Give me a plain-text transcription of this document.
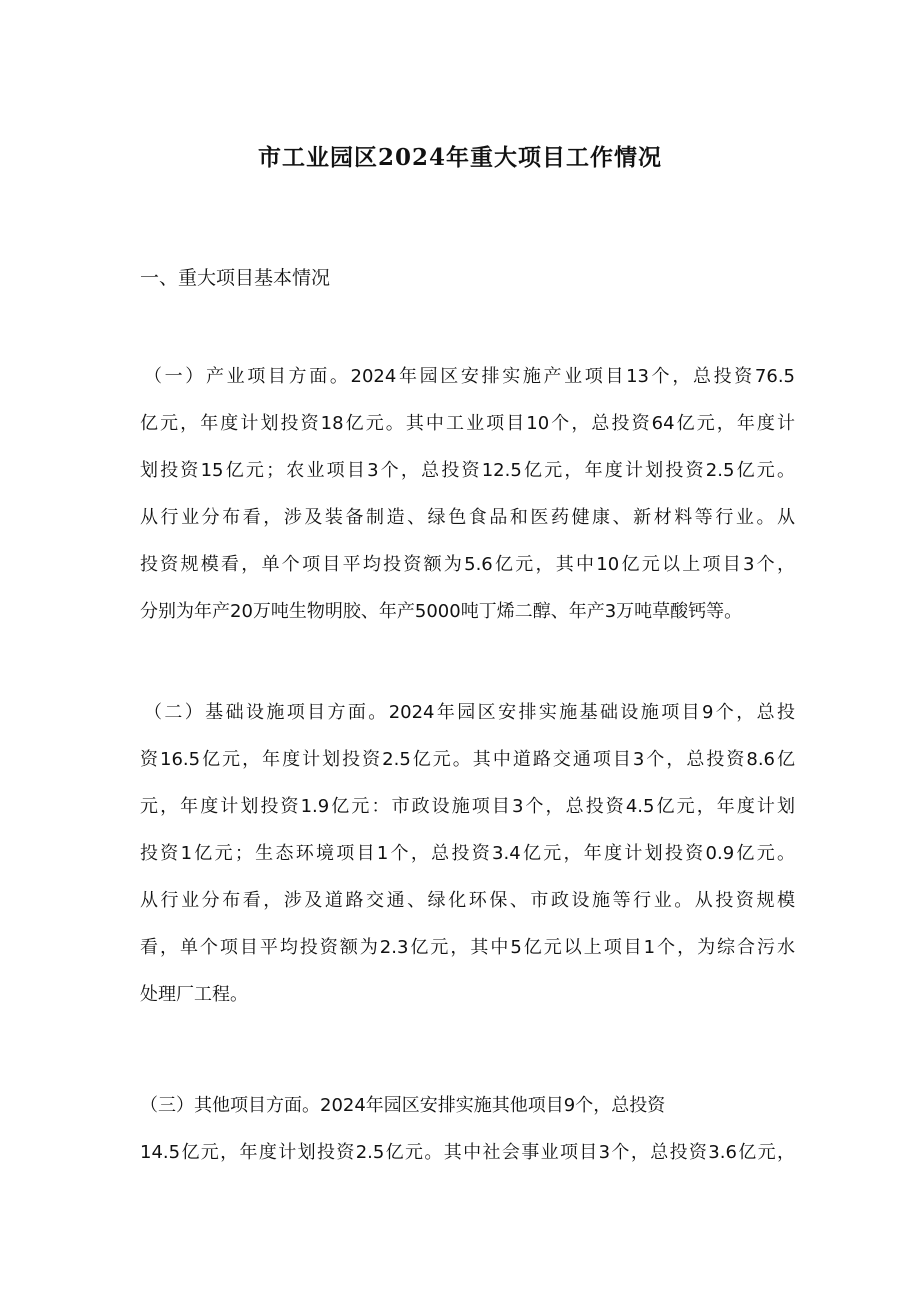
市工业园区2024年重大项目工作情况
一、重大项目基本情况
（一）产业项目方面。2024年园区安排实施产业项目13个，总投资76.5
亿元，年度计划投资18亿元。其中工业项目10个，总投资64亿元，年度计
划投资15亿元；农业项目3个，总投资12.5亿元，年度计划投资2.5亿元。
从行业分布看，涉及装备制造、绿色食品和医药健康、新材料等行业。从
投资规模看，单个项目平均投资额为5.6亿元，其中10亿元以上项目3个，
分别为年产20万吨生物明胶、年产5000吨丁烯二醇、年产3万吨草酸钙等。
（二）基础设施项目方面。2024年园区安排实施基础设施项目9个，总投
资16.5亿元，年度计划投资2.5亿元。其中道路交通项目3个，总投资8.6亿
元，年度计划投资1.9亿元：市政设施项目3个，总投资4.5亿元，年度计划
投资1亿元；生态环境项目1个，总投资3.4亿元，年度计划投资0.9亿元。
从行业分布看，涉及道路交通、绿化环保、市政设施等行业。从投资规模
看，单个项目平均投资额为2.3亿元，其中5亿元以上项目1个，为综合污水
处理厂工程。
（三）其他项目方面。2024年园区安排实施其他项目9个，总投资
14.5亿元，年度计划投资2.5亿元。其中社会事业项目3个，总投资3.6亿元，
